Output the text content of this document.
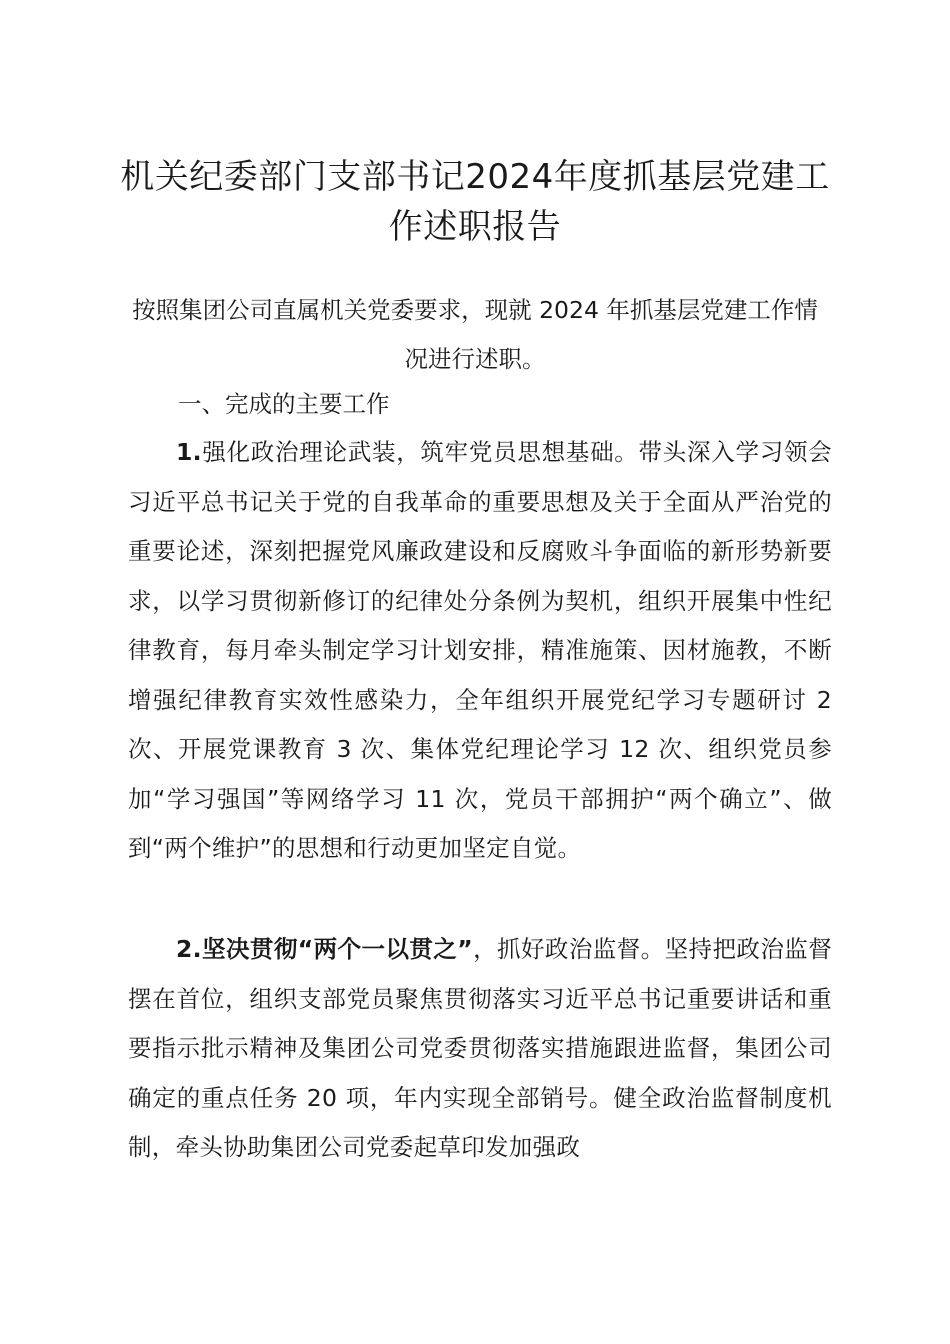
机关纪委部门支部书记2024年度抓基层党建工作述职报告

按照集团公司直属机关党委要求，现就 2024 年抓基层党建工作情况进行述职。

一、完成的主要工作

1.强化政治理论武装，筑牢党员思想基础。带头深入学习领会习近平总书记关于党的自我革命的重要思想及关于全面从严治党的重要论述，深刻把握党风廉政建设和反腐败斗争面临的新形势新要求，以学习贯彻新修订的纪律处分条例为契机，组织开展集中性纪律教育，每月牵头制定学习计划安排，精准施策、因材施教，不断增强纪律教育实效性感染力，全年组织开展党纪学习专题研讨 2 次、开展党课教育 3 次、集体党纪理论学习 12 次、组织党员参加“学习强国”等网络学习 11 次，党员干部拥护“两个确立”、做到“两个维护”的思想和行动更加坚定自觉。

2.坚决贯彻“两个一以贯之”，抓好政治监督。坚持把政治监督摆在首位，组织支部党员聚焦贯彻落实习近平总书记重要讲话和重要指示批示精神及集团公司党委贯彻落实措施跟进监督，集团公司确定的重点任务 20 项，年内实现全部销号。健全政治监督制度机制，牵头协助集团公司党委起草印发加强政
